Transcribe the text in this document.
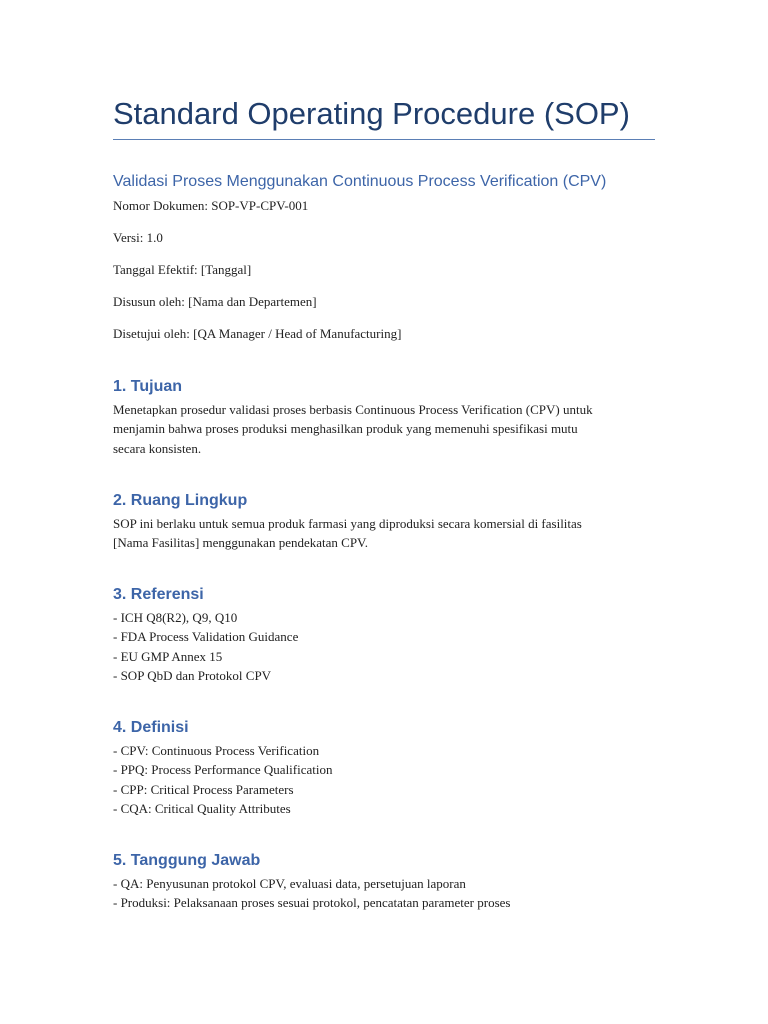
Standard Operating Procedure (SOP)
Validasi Proses Menggunakan Continuous Process Verification (CPV)

Nomor Dokumen: SOP-VP-CPV-001

Versi: 1.0

Tanggal Efektif: [Tanggal]

Disusun oleh: [Nama dan Departemen]

Disetujui oleh: [QA Manager / Head of Manufacturing]

1. Tujuan
Menetapkan prosedur validasi proses berbasis Continuous Process Verification (CPV) untuk
menjamin bahwa proses produksi menghasilkan produk yang memenuhi spesifikasi mutu
secara konsisten.
2. Ruang Lingkup
SOP ini berlaku untuk semua produk farmasi yang diproduksi secara komersial di fasilitas
[Nama Fasilitas] menggunakan pendekatan CPV.
3. Referensi
- ICH Q8(R2), Q9, Q10
- FDA Process Validation Guidance
- EU GMP Annex 15
- SOP QbD dan Protokol CPV
4. Definisi
- CPV: Continuous Process Verification
- PPQ: Process Performance Qualification
- CPP: Critical Process Parameters
- CQA: Critical Quality Attributes
5. Tanggung Jawab
- QA: Penyusunan protokol CPV, evaluasi data, persetujuan laporan
- Produksi: Pelaksanaan proses sesuai protokol, pencatatan parameter proses
